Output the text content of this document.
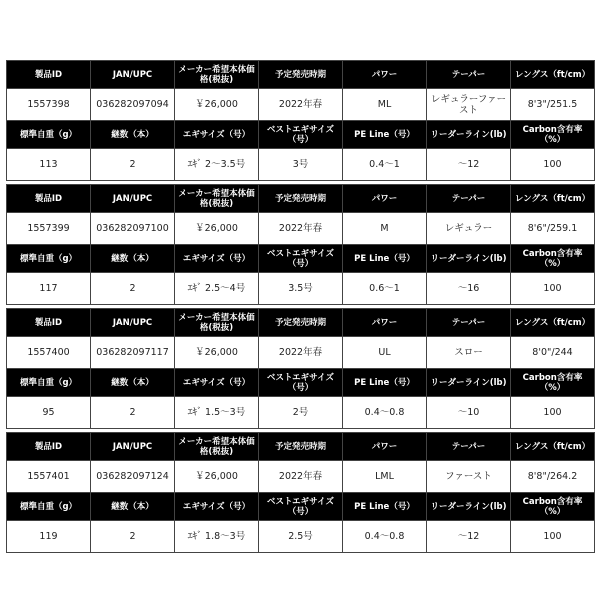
製品ID	JAN/UPC	メーカー希望本体価格(税抜)	予定発売時期	パワー	テーパー	レングス（ft/cm）
1557398	036282097094	￥26,000	2022年春	ML	レギュラーファースト	8'3"/251.5
標準自重（g）	継数（本）	エギサイズ（号）	ベストエギサイズ（号）	PE Line（号）	リーダーライン(lb)	Carbon含有率（%）
113	2	ｴｷﾞ 2〜3.5号	3号	0.4〜1	〜12	100
製品ID	JAN/UPC	メーカー希望本体価格(税抜)	予定発売時期	パワー	テーパー	レングス（ft/cm）
1557399	036282097100	￥26,000	2022年春	M	レギュラー	8'6"/259.1
標準自重（g）	継数（本）	エギサイズ（号）	ベストエギサイズ（号）	PE Line（号）	リーダーライン(lb)	Carbon含有率（%）
117	2	ｴｷﾞ 2.5〜4号	3.5号	0.6〜1	〜16	100
製品ID	JAN/UPC	メーカー希望本体価格(税抜)	予定発売時期	パワー	テーパー	レングス（ft/cm）
1557400	036282097117	￥26,000	2022年春	UL	スロー	8'0"/244
標準自重（g）	継数（本）	エギサイズ（号）	ベストエギサイズ（号）	PE Line（号）	リーダーライン(lb)	Carbon含有率（%）
95	2	ｴｷﾞ 1.5〜3号	2号	0.4〜0.8	〜10	100
製品ID	JAN/UPC	メーカー希望本体価格(税抜)	予定発売時期	パワー	テーパー	レングス（ft/cm）
1557401	036282097124	￥26,000	2022年春	LML	ファースト	8'8"/264.2
標準自重（g）	継数（本）	エギサイズ（号）	ベストエギサイズ（号）	PE Line（号）	リーダーライン(lb)	Carbon含有率（%）
119	2	ｴｷﾞ 1.8〜3号	2.5号	0.4〜0.8	〜12	100
